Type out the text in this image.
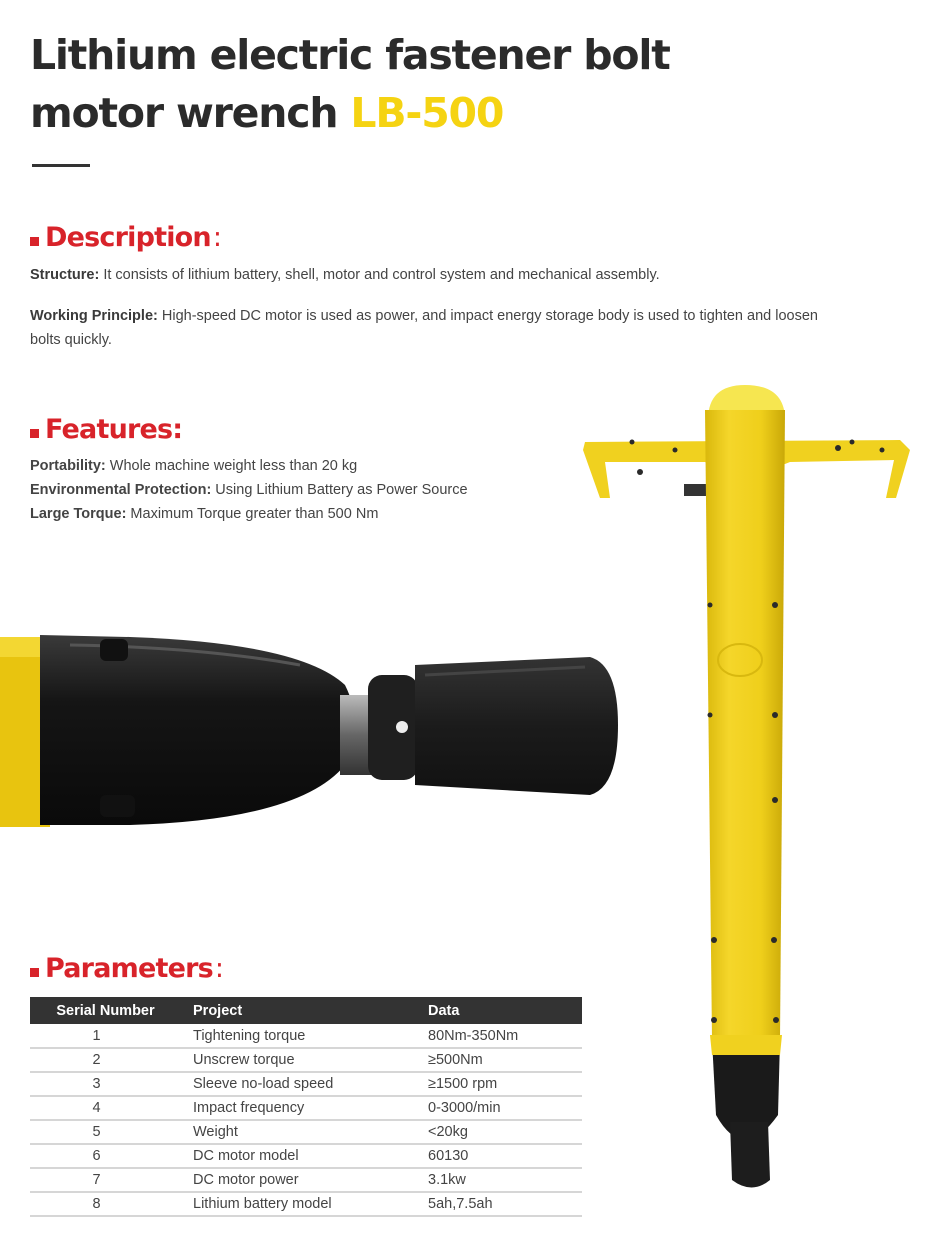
Lithium electric fastener bolt
motor wrench LB-500
Description :
Structure: It consists of lithium battery, shell, motor and control system and mechanical assembly.
Working Principle: High-speed DC motor is used as power, and impact energy storage body is used to tighten and loosen bolts quickly.
Features:
Portability: Whole machine weight less than 20 kg
Environmental Protection: Using Lithium Battery as Power Source
Large Torque: Maximum Torque greater than 500 Nm
Parameters :
Serial Number	Project	Data
1	Tightening torque	80Nm-350Nm
2	Unscrew torque	≥500Nm
3	Sleeve no-load speed	≥1500 rpm
4	Impact frequency	0-3000/min
5	Weight	<20kg
6	DC motor model	60130
7	DC motor power	3.1kw
8	Lithium battery model	5ah,7.5ah
